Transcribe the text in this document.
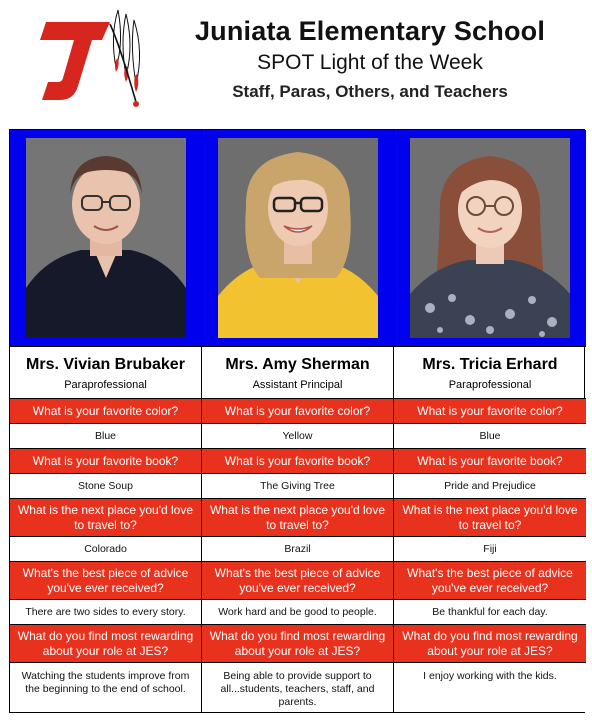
Juniata Elementary School
SPOT Light of the Week
Staff, Paras, Others, and Teachers
Mrs. Vivian Brubaker
Paraprofessional
What is your favorite color?
Blue
What is your favorite book?
Stone Soup
What is the next place you'd love to travel to?
Colorado
What's the best piece of advice you've ever received?
There are two sides to every story.
What do you find most rewarding about your role at JES?
Watching the students improve from the beginning to the end of school.
Mrs. Amy Sherman
Assistant Principal
What is your favorite color?
Yellow
What is your favorite book?
The Giving Tree
What is the next place you'd love to travel to?
Brazil
What's the best piece of advice you've ever received?
Work hard and be good to people.
What do you find most rewarding about your role at JES?
Being able to provide support to all...students, teachers, staff, and parents.
Mrs. Tricia Erhard
Paraprofessional
What is your favorite color?
Blue
What is your favorite book?
Pride and Prejudice
What is the next place you'd love to travel to?
Fiji
What's the best piece of advice you've ever received?
Be thankful for each day.
What do you find most rewarding about your role at JES?
I enjoy working with the kids.
